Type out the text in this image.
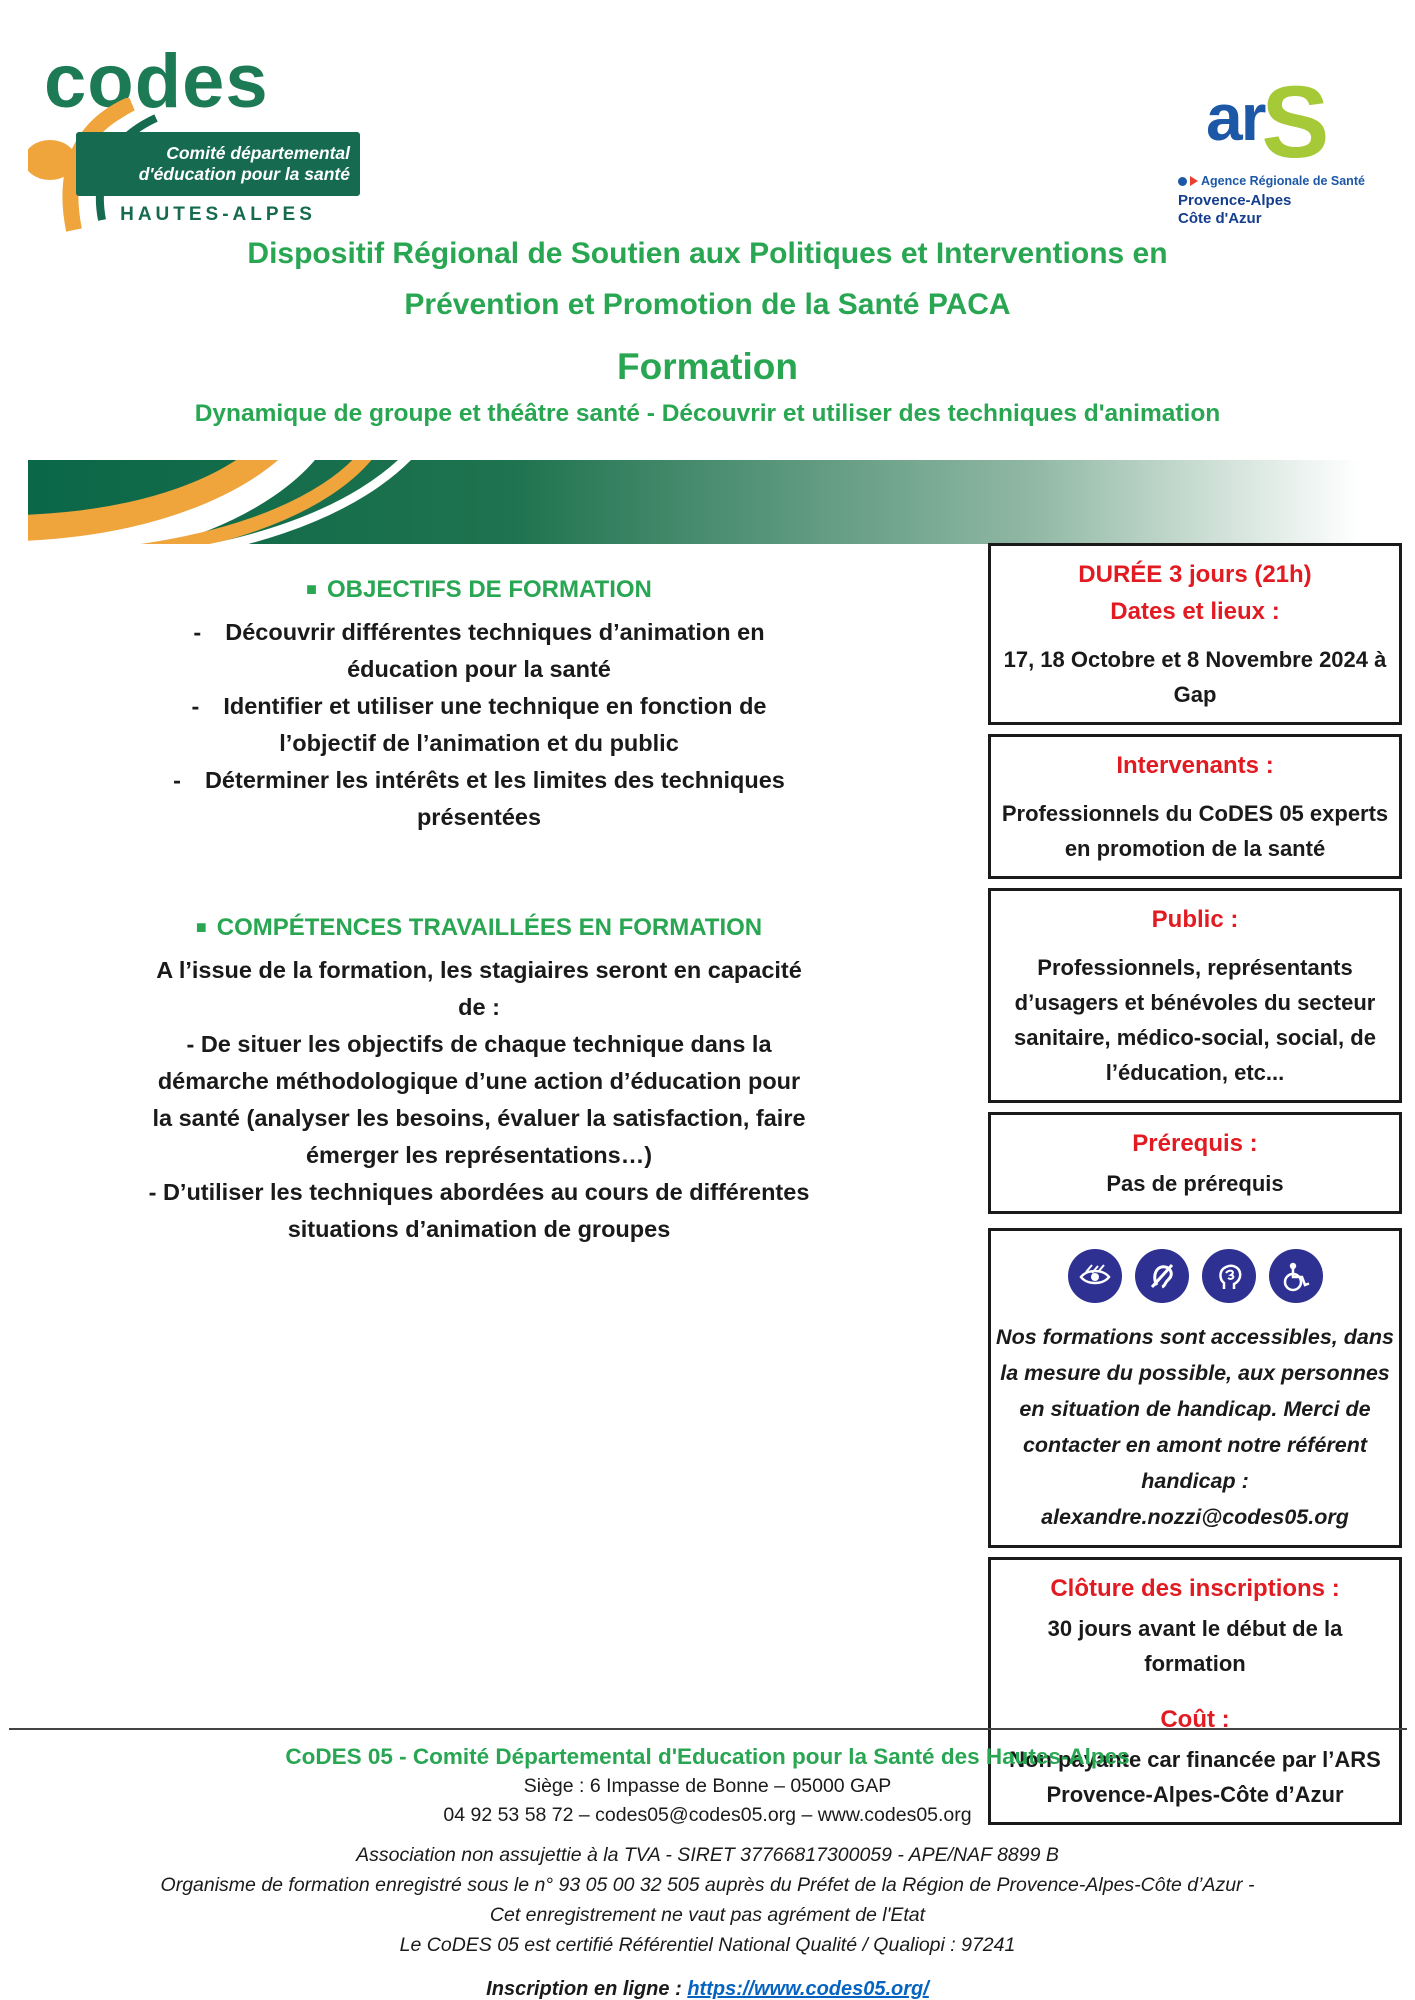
codes
Comité départemental
d'éducation pour la santé
HAUTES-ALPES
ar
S
Agence Régionale de Santé
Provence-Alpes
Côte d'Azur
Dispositif Régional de Soutien aux Politiques et Interventions en
Prévention et Promotion de la Santé PACA
Formation
Dynamique de groupe et théâtre santé - Découvrir et utiliser des techniques d'animation
■ OBJECTIFS DE FORMATION

- Découvrir différentes techniques d’animation en éducation pour la santé

- Identifier et utiliser une technique en fonction de l’objectif de l’animation et du public

- Déterminer les intérêts et les limites des techniques présentées

■ COMPÉTENCES TRAVAILLÉES EN FORMATION

A l’issue de la formation, les stagiaires seront en capacité de :

- De situer les objectifs de chaque technique dans la démarche méthodologique d’une action d’éducation pour la santé (analyser les besoins, évaluer la satisfaction, faire émerger les représentations…)

- D’utiliser les techniques abordées au cours de différentes situations d’animation de groupes

DURÉE 3 jours (21h)
Dates et lieux :
17, 18 Octobre et 8 Novembre 2024 à Gap
Intervenants :
Professionnels du CoDES 05 experts en promotion de la santé
Public :
Professionnels, représentants d’usagers et bénévoles du secteur sanitaire, médico-social, social, de l’éducation, etc...
Prérequis :
Pas de prérequis
Nos formations sont accessibles, dans la mesure du possible, aux personnes en situation de handicap. Merci de contacter en amont notre référent handicap : alexandre.nozzi@codes05.org
Clôture des inscriptions :
30 jours avant le début de la formation
Coût :
Non payante car financée par l’ARS Provence-Alpes-Côte d’Azur
CoDES 05 - Comité Départemental d'Education pour la Santé des Hautes-Alpes
Siège : 6 Impasse de Bonne – 05000 GAP
04 92 53 58 72 – codes05@codes05.org – www.codes05.org
Association non assujettie à la TVA - SIRET 37766817300059 - APE/NAF 8899 B
Organisme de formation enregistré sous le n° 93 05 00 32 505 auprès du Préfet de la Région de Provence-Alpes-Côte d’Azur -
Cet enregistrement ne vaut pas agrément de l'Etat
Le CoDES 05 est certifié Référentiel National Qualité / Qualiopi : 97241
Inscription en ligne : https://www.codes05.org/
